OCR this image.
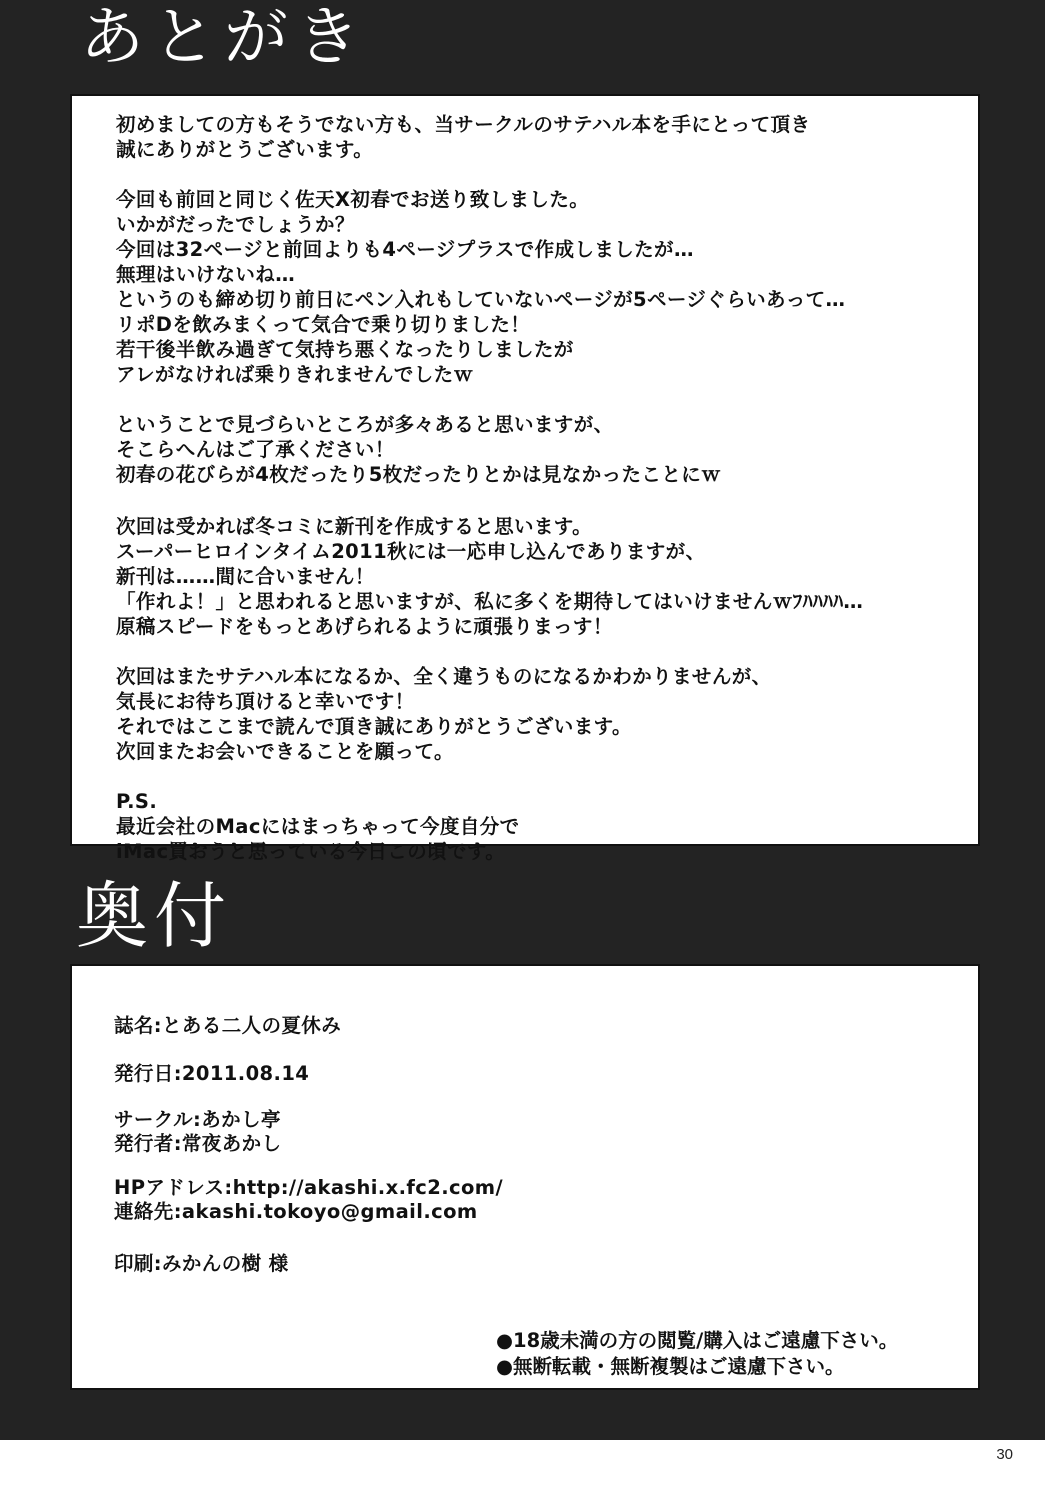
あとがき
初めましての方もそうでない方も、当サークルのサテハル本を手にとって頂き
誠にありがとうございます。
今回も前回と同じく佐天X初春でお送り致しました。
いかがだったでしょうか？
今回は32ページと前回よりも4ページプラスで作成しましたが…
無理はいけないね…
というのも締め切り前日にペン入れもしていないページが5ページぐらいあって…
リポDを飲みまくって気合で乗り切りました！
若干後半飲み過ぎて気持ち悪くなったりしましたが
アレがなければ乗りきれませんでしたｗ
ということで見づらいところが多々あると思いますが、
そこらへんはご了承ください！
初春の花びらが4枚だったり5枚だったりとかは見なかったことにｗ
次回は受かれば冬コミに新刊を作成すると思います。
スーパーヒロインタイム2011秋には一応申し込んでありますが、
新刊は……間に合いません！
「作れよ！」と思われると思いますが、私に多くを期待してはいけませんｗﾌﾊﾊﾊﾊ…
原稿スピードをもっとあげられるように頑張りまっす！
次回はまたサテハル本になるか、全く違うものになるかわかりませんが、
気長にお待ち頂けると幸いです！
それではここまで読んで頂き誠にありがとうございます。
次回またお会いできることを願って。
P.S.
最近会社のMacにはまっちゃって今度自分で
iMac買おうと思っている今日この頃です。
奥付
誌名:とある二人の夏休み
発行日:2011.08.14
サークル:あかし亭
発行者:常夜あかし
HPアドレス:http://akashi.x.fc2.com/
連絡先:akashi.tokoyo@gmail.com
印刷:みかんの樹 様
●18歳未満の方の閲覧/購入はご遠慮下さい。
●無断転載・無断複製はご遠慮下さい。
30
